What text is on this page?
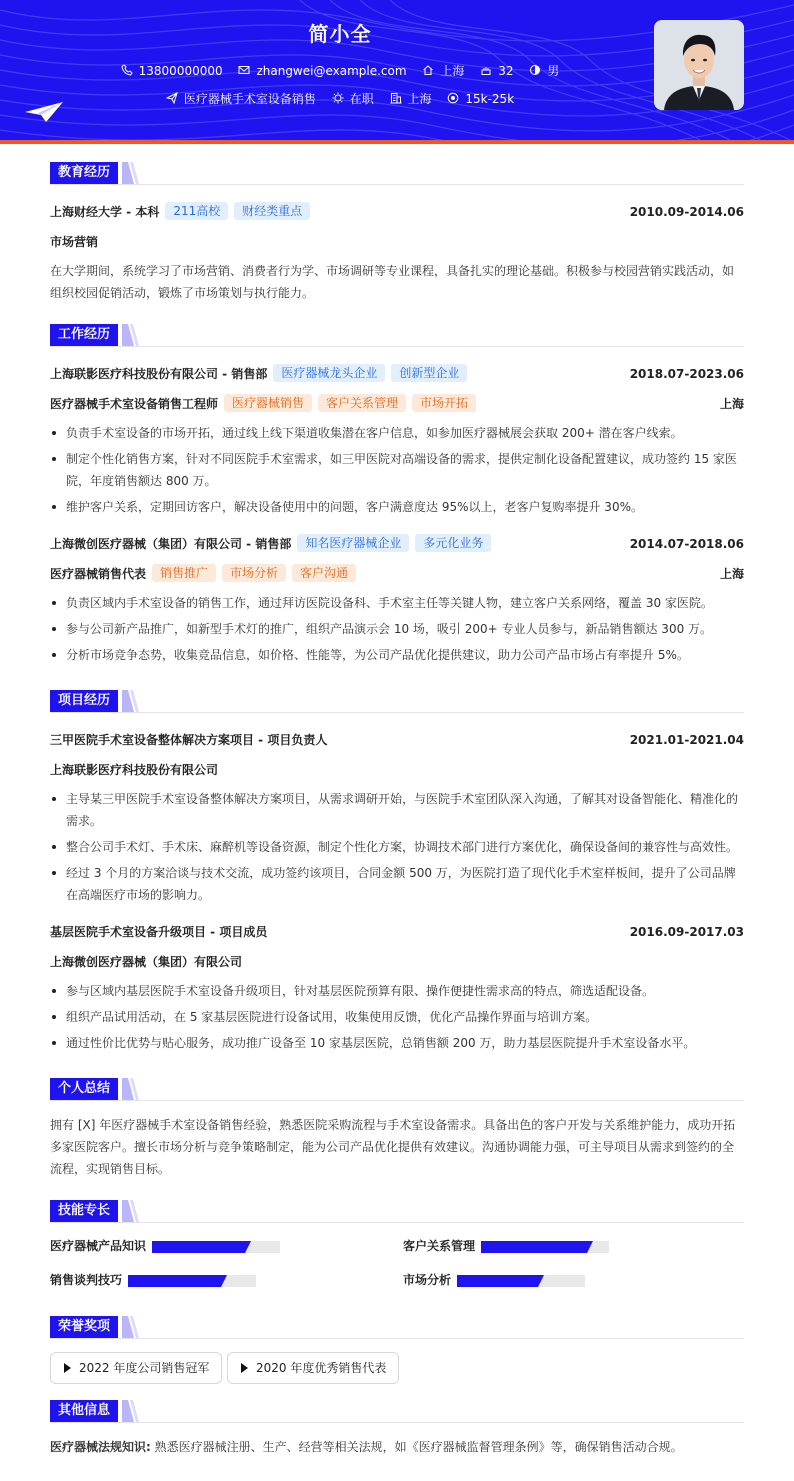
简小全
13800000000	zhangwei@example.com	上海	32	男
医疗器械手术室设备销售	在职	上海	15k-25k
教育经历
上海财经大学 - 本科 211高校 财经类重点	2010.09-2014.06
市场营销

在大学期间，系统学习了市场营销、消费者行为学、市场调研等专业课程，具备扎实的理论基础。积极参与校园营销实践活动，如组织校园促销活动，锻炼了市场策划与执行能力。

工作经历
上海联影医疗科技股份有限公司 - 销售部 医疗器械龙头企业 创新型企业	2018.07-2023.06
医疗器械手术室设备销售工程师 医疗器械销售 客户关系管理 市场开拓	上海
负责手术室设备的市场开拓，通过线上线下渠道收集潜在客户信息，如参加医疗器械展会获取 200+ 潜在客户线索。
制定个性化销售方案，针对不同医院手术室需求，如三甲医院对高端设备的需求，提供定制化设备配置建议，成功签约 15 家医院，年度销售额达 800 万。
维护客户关系，定期回访客户，解决设备使用中的问题，客户满意度达 95%以上，老客户复购率提升 30%。
上海微创医疗器械（集团）有限公司 - 销售部 知名医疗器械企业 多元化业务	2014.07-2018.06
医疗器械销售代表 销售推广 市场分析 客户沟通	上海
负责区域内手术室设备的销售工作，通过拜访医院设备科、手术室主任等关键人物，建立客户关系网络，覆盖 30 家医院。
参与公司新产品推广，如新型手术灯的推广，组织产品演示会 10 场，吸引 200+ 专业人员参与，新品销售额达 300 万。
分析市场竞争态势，收集竞品信息，如价格、性能等，为公司产品优化提供建议，助力公司产品市场占有率提升 5%。
项目经历
三甲医院手术室设备整体解决方案项目 - 项目负责人	2021.01-2021.04
上海联影医疗科技股份有限公司
主导某三甲医院手术室设备整体解决方案项目，从需求调研开始，与医院手术室团队深入沟通，了解其对设备智能化、精准化的需求。
整合公司手术灯、手术床、麻醉机等设备资源，制定个性化方案，协调技术部门进行方案优化，确保设备间的兼容性与高效性。
经过 3 个月的方案洽谈与技术交流，成功签约该项目，合同金额 500 万，为医院打造了现代化手术室样板间，提升了公司品牌在高端医疗市场的影响力。
基层医院手术室设备升级项目 - 项目成员	2016.09-2017.03
上海微创医疗器械（集团）有限公司
参与区域内基层医院手术室设备升级项目，针对基层医院预算有限、操作便捷性需求高的特点，筛选适配设备。
组织产品试用活动，在 5 家基层医院进行设备试用，收集使用反馈，优化产品操作界面与培训方案。
通过性价比优势与贴心服务，成功推广设备至 10 家基层医院，总销售额 200 万，助力基层医院提升手术室设备水平。
个人总结

拥有 [X] 年医疗器械手术室设备销售经验，熟悉医院采购流程与手术室设备需求。具备出色的客户开发与关系维护能力，成功开拓多家医院客户。擅长市场分析与竞争策略制定，能为公司产品优化提供有效建议。沟通协调能力强，可主导项目从需求到签约的全流程，实现销售目标。

技能专长
医疗器械产品知识	客户关系管理
销售谈判技巧	市场分析
荣誉奖项
2022 年度公司销售冠军	2020 年度优秀销售代表
其他信息

医疗器械法规知识: 熟悉医疗器械注册、生产、经营等相关法规，如《医疗器械监督管理条例》等，确保销售活动合规。
